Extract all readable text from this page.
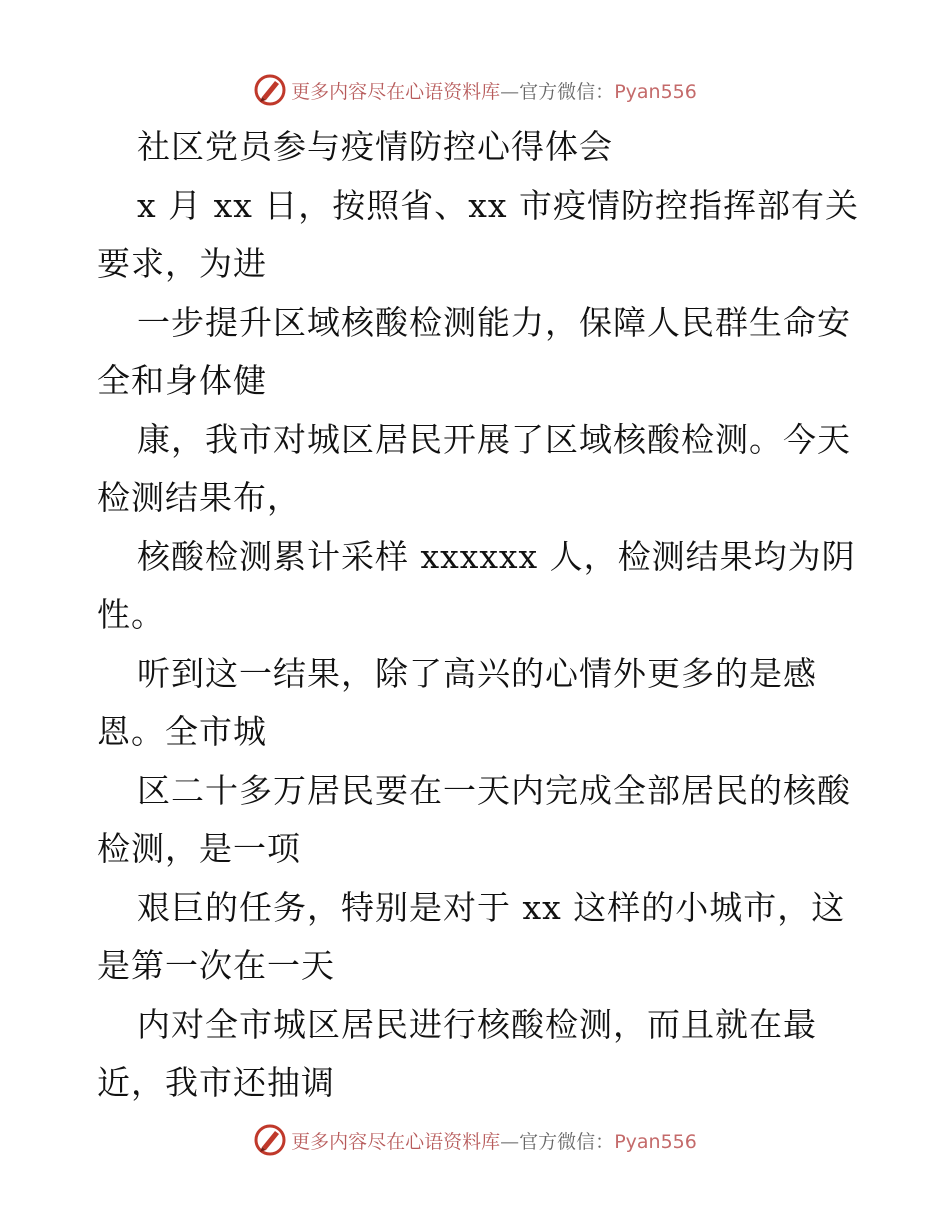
更多内容尽在心语资料库—官方微信：Pyan556
社区党员参与疫情防控心得体会
x 月 xx 日，按照省、xx 市疫情防控指挥部有关
要求，为进
一步提升区域核酸检测能力，保障人民群生命安
全和身体健
康，我市对城区居民开展了区域核酸检测。今天
检测结果布，
核酸检测累计采样 xxxxxx 人，检测结果均为阴
性。
听到这一结果，除了高兴的心情外更多的是感
恩。全市城
区二十多万居民要在一天内完成全部居民的核酸
检测，是一项
艰巨的任务，特别是对于 xx 这样的小城市，这
是第一次在一天
内对全市城区居民进行核酸检测，而且就在最
近，我市还抽调
更多内容尽在心语资料库—官方微信：Pyan556
